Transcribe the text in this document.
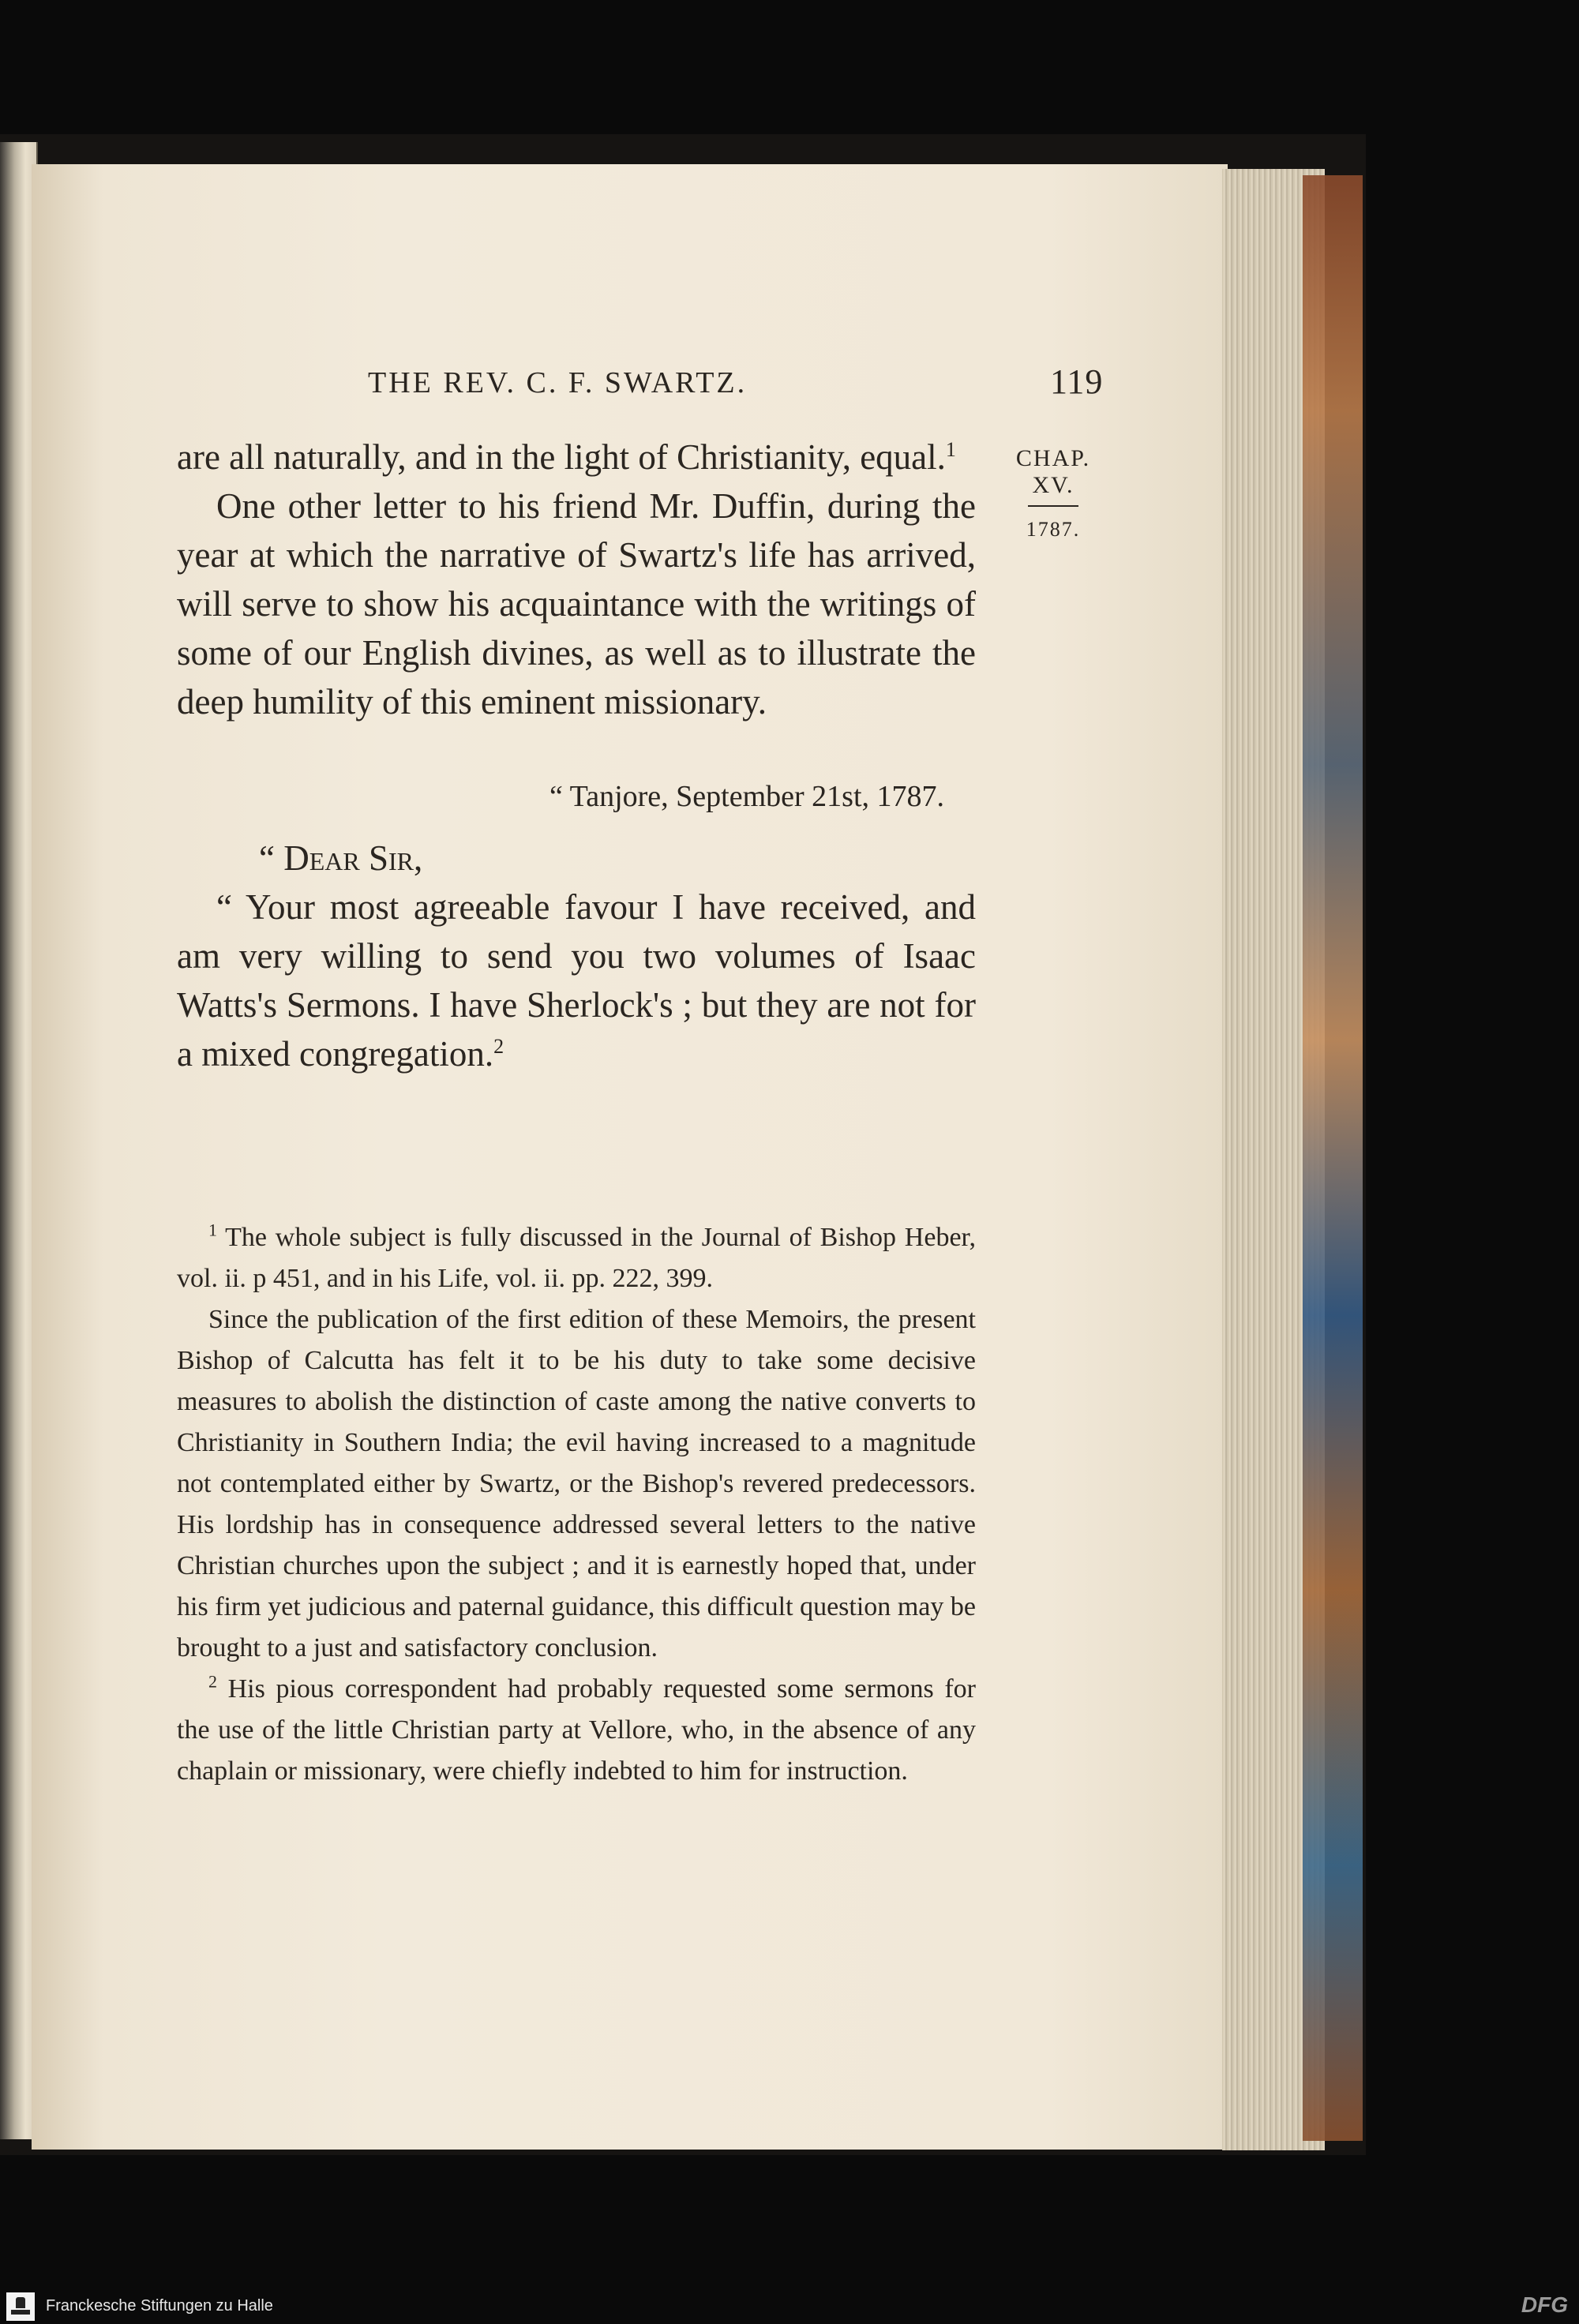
THE REV. C. F. SWARTZ.	119
CHAP.
XV.
1787.

are all naturally, and in the light of Christianity, equal.$^1$

One other letter to his friend Mr. Duffin, during the year at which the narrative of Swartz's life has arrived, will serve to show his acquaintance with the writings of some of our English divines, as well as to illustrate the deep humility of this eminent missionary.

“ Tanjore, September 21st, 1787.

“ Dear Sir,

“ Your most agreeable favour I have received, and am very willing to send you two volumes of Isaac Watts's Sermons. I have Sherlock's ; but they are not for a mixed congregation.$^2$

$^1$ The whole subject is fully discussed in the Journal of Bishop Heber, vol. ii. p 451, and in his Life, vol. ii. pp. 222, 399.

Since the publication of the first edition of these Memoirs, the present Bishop of Calcutta has felt it to be his duty to take some decisive measures to abolish the distinction of caste among the native converts to Christianity in Southern India; the evil having increased to a magnitude not contemplated either by Swartz, or the Bishop's revered predecessors. His lordship has in consequence addressed several letters to the native Christian churches upon the subject ; and it is earnestly hoped that, under his firm yet judicious and paternal guidance, this difficult question may be brought to a just and satisfactory conclusion.

$^2$ His pious correspondent had probably requested some sermons for the use of the little Christian party at Vellore, who, in the absence of any chaplain or missionary, were chiefly indebted to him for instruction.

Franckesche Stiftungen zu Halle	DFG
